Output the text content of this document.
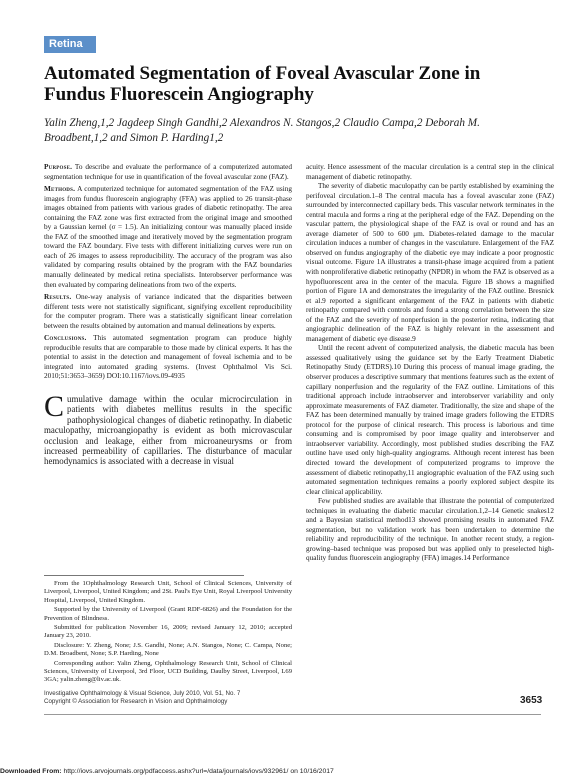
Retina
Automated Segmentation of Foveal Avascular Zone in Fundus Fluorescein Angiography
Yalin Zheng,1,2 Jagdeep Singh Gandhi,2 Alexandros N. Stangos,2 Claudio Campa,2 Deborah M. Broadbent,1,2 and Simon P. Harding1,2

Purpose. To describe and evaluate the performance of a computerized automated segmentation technique for use in quantification of the foveal avascular zone (FAZ).

Methods. A computerized technique for automated segmentation of the FAZ using images from fundus fluorescein angiography (FFA) was applied to 26 transit-phase images obtained from patients with various grades of diabetic retinopathy. The area containing the FAZ zone was first extracted from the original image and smoothed by a Gaussian kernel (σ = 1.5). An initializing contour was manually placed inside the FAZ of the smoothed image and iteratively moved by the segmentation program toward the FAZ boundary. Five tests with different initializing curves were run on each of 26 images to assess reproducibility. The accuracy of the program was also validated by comparing results obtained by the program with the FAZ boundaries manually delineated by medical retina specialists. Interobserver performance was then evaluated by comparing delineations from two of the experts.

Results. One-way analysis of variance indicated that the disparities between different tests were not statistically significant, signifying excellent reproducibility for the computer program. There was a statistically significant linear correlation between the results obtained by automation and manual delineations by experts.

Conclusions. This automated segmentation program can produce highly reproducible results that are comparable to those made by clinical experts. It has the potential to assist in the detection and management of foveal ischemia and to be integrated into automated grading systems. (Invest Ophthalmol Vis Sci. 2010;51:3653–3659) DOI:10.1167/iovs.09-4935

Cumulative damage within the ocular microcirculation in patients with diabetes mellitus results in the specific pathophysiological changes of diabetic retinopathy. In diabetic maculopathy, microangiopathy is evident as both microvascular occlusion and leakage, either from microaneurysms or from increased permeability of capillaries. The disturbance of macular hemodynamics is associated with a decrease in visual

From the 1Ophthalmology Research Unit, School of Clinical Sciences, University of Liverpool, Liverpool, United Kingdom; and 2St. Paul's Eye Unit, Royal Liverpool University Hospital, Liverpool, United Kingdom.

Supported by the University of Liverpool (Grant RDF-6826) and the Foundation for the Prevention of Blindness.

Submitted for publication November 16, 2009; revised January 12, 2010; accepted January 23, 2010.

Disclosure: Y. Zheng, None; J.S. Gandhi, None; A.N. Stangos, None; C. Campa, None; D.M. Broadbent, None; S.P. Harding, None

Corresponding author: Yalin Zheng, Ophthalmology Research Unit, School of Clinical Sciences, University of Liverpool, 3rd Floor, UCD Building, Daulby Street, Liverpool, L69 3GA; yalin.zheng@liv.ac.uk.

acuity. Hence assessment of the macular circulation is a central step in the clinical management of diabetic retinopathy.

The severity of diabetic maculopathy can be partly established by examining the perifoveal circulation.1–8 The central macula has a foveal avascular zone (FAZ) surrounded by interconnected capillary beds. This vascular network terminates in the central macula and forms a ring at the peripheral edge of the FAZ. Depending on the vascular pattern, the physiological shape of the FAZ is oval or round and has an average diameter of 500 to 600 μm. Diabetes-related damage to the macular circulation induces a number of changes in the vasculature. Enlargement of the FAZ observed on fundus angiography of the diabetic eye may indicate a poor prognostic visual outcome. Figure 1A illustrates a transit-phase image acquired from a patient with nonproliferative diabetic retinopathy (NPDR) in whom the FAZ is observed as a hypofluorescent area in the center of the macula. Figure 1B shows a magnified portion of Figure 1A and demonstrates the irregularity of the FAZ outline. Bresnick et al.9 reported a significant enlargement of the FAZ in patients with diabetic retinopathy compared with controls and found a strong correlation between the size of the FAZ and the severity of nonperfusion in the posterior retina, indicating that angiographic delineation of the FAZ is highly relevant in the assessment and management of diabetic eye disease.9

Until the recent advent of computerized analysis, the diabetic macula has been assessed qualitatively using the guidance set by the Early Treatment Diabetic Retinopathy Study (ETDRS).10 During this process of manual image grading, the observer produces a descriptive summary that mentions features such as the extent of capillary nonperfusion and the regularity of the FAZ outline. Limitations of this traditional approach include intraobserver and interobserver variability and only approximate measurements of FAZ diameter. Traditionally, the size and shape of the FAZ has been determined manually by trained image graders following the ETDRS protocol for the purpose of clinical research. This process is laborious and time consuming and is compromised by poor image quality and interobserver and intraobserver variability. Accordingly, most published studies describing the FAZ outline have used only high-quality angiograms. Although recent interest has been directed toward the development of computerized programs to improve the assessment of diabetic retinopathy,11 angiographic evaluation of the FAZ using such automated segmentation techniques remains a poorly explored subject despite its clear clinical applicability.

Few published studies are available that illustrate the potential of computerized techniques in evaluating the diabetic macular circulation.1,2–14 Genetic snakes12 and a Bayesian statistical method13 showed promising results in automated FAZ segmentation, but no validation work has been undertaken to determine the reliability and reproducibility of the technique. In another recent study, a region-growing–based technique was proposed but was applied only to preselected high-quality fundus fluorescein angiography (FFA) images.14 Performance

Investigative Ophthalmology & Visual Science, July 2010, Vol. 51, No. 7
Copyright © Association for Research in Vision and Ophthalmology	3653
Downloaded From: http://iovs.arvojournals.org/pdfaccess.ashx?url=/data/journals/iovs/932961/ on 10/16/2017
